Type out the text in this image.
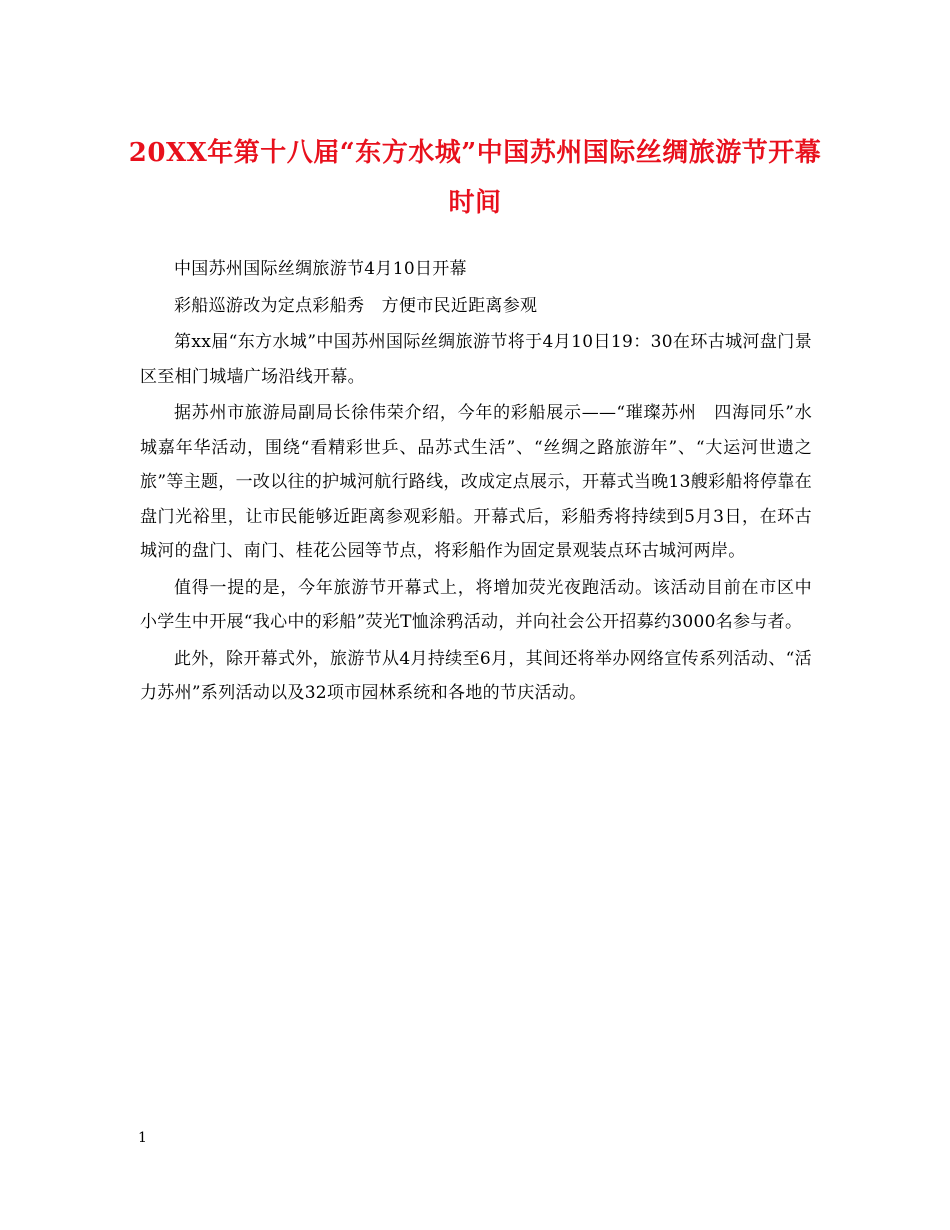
20XX年第十八届“东方水城”中国苏州国际丝绸旅游节开幕时间

中国苏州国际丝绸旅游节4月10日开幕

彩船巡游改为定点彩船秀　方便市民近距离参观

第xx届“东方水城”中国苏州国际丝绸旅游节将于4月10日19：30在环古城河盘门景区至相门城墙广场沿线开幕。

据苏州市旅游局副局长徐伟荣介绍，今年的彩船展示——“璀璨苏州　四海同乐”水城嘉年华活动，围绕“看精彩世乒、品苏式生活”、“丝绸之路旅游年”、“大运河世遗之旅”等主题，一改以往的护城河航行路线，改成定点展示，开幕式当晚13艘彩船将停靠在盘门光裕里，让市民能够近距离参观彩船。开幕式后，彩船秀将持续到5月3日，在环古城河的盘门、南门、桂花公园等节点，将彩船作为固定景观装点环古城河两岸。

值得一提的是，今年旅游节开幕式上，将增加荧光夜跑活动。该活动目前在市区中小学生中开展“我心中的彩船”荧光T恤涂鸦活动，并向社会公开招募约3000名参与者。

此外，除开幕式外，旅游节从4月持续至6月，其间还将举办网络宣传系列活动、“活力苏州”系列活动以及32项市园林系统和各地的节庆活动。

1
